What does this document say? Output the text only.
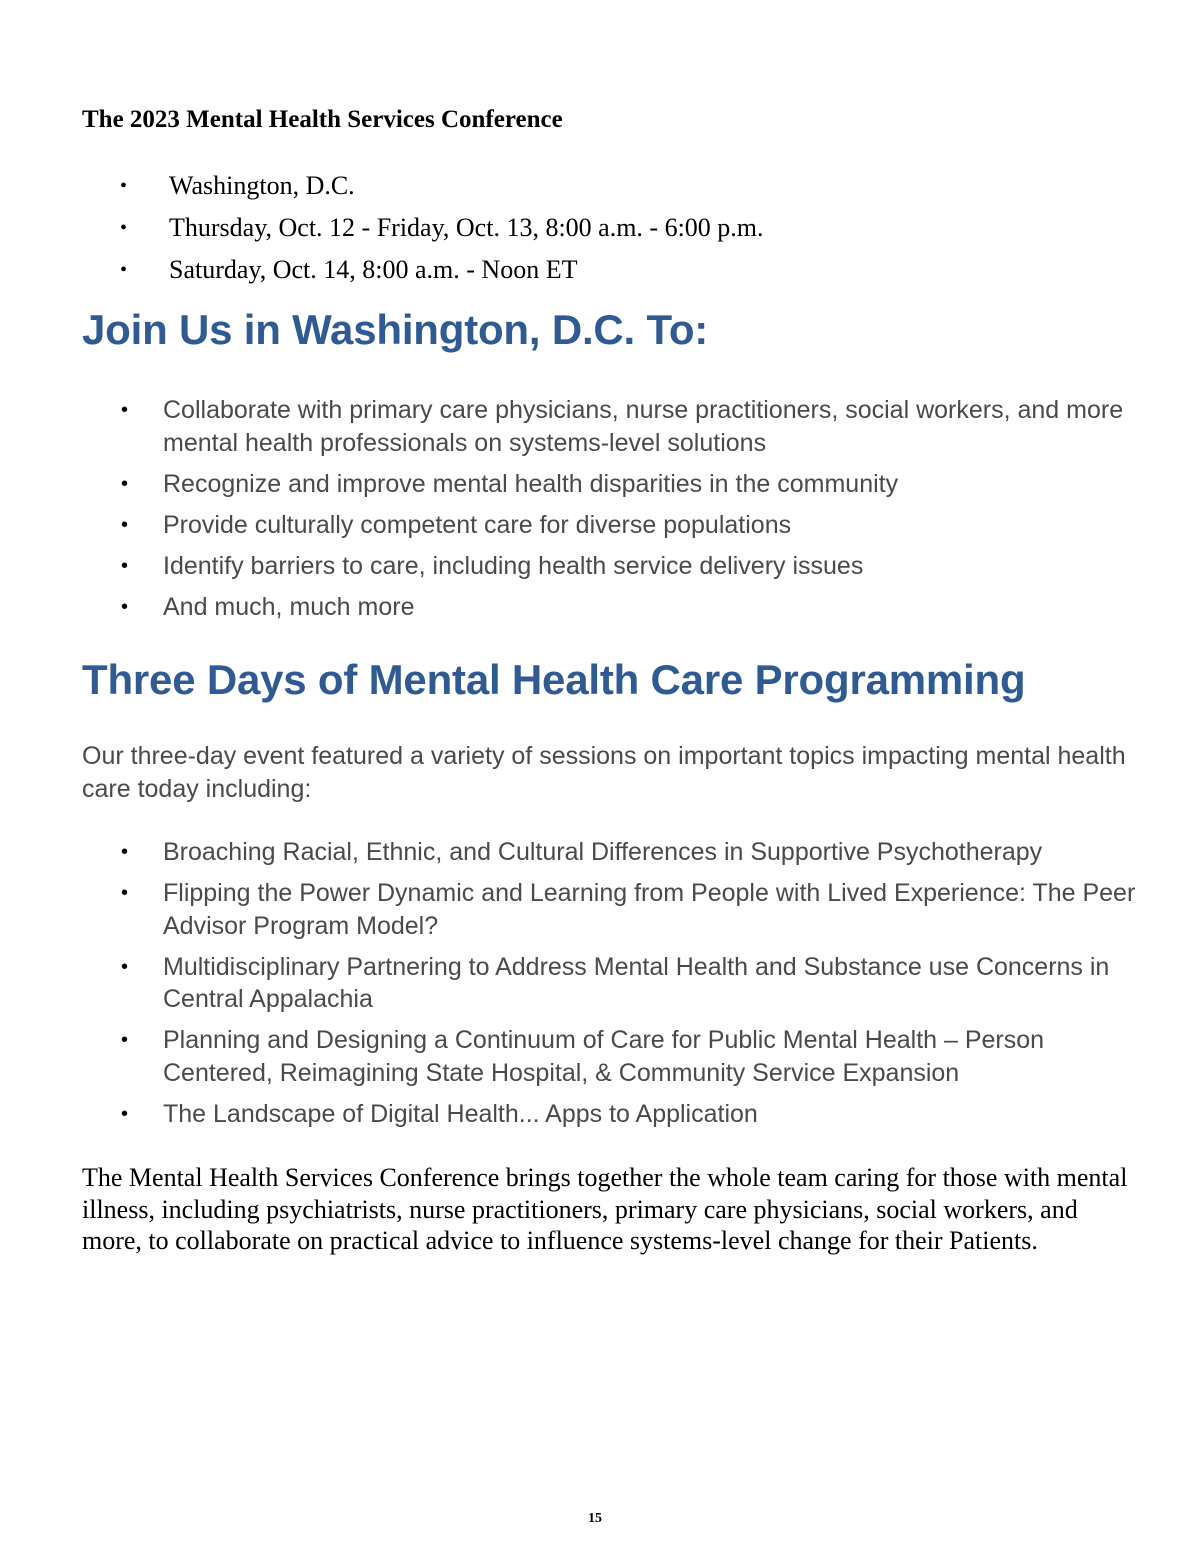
The 2023 Mental Health Services Conference
• Washington, D.C.
• Thursday, Oct. 12 - Friday, Oct. 13, 8:00 a.m. - 6:00 p.m.
• Saturday, Oct. 14, 8:00 a.m. - Noon ET
Join Us in Washington, D.C. To:
• Collaborate with primary care physicians, nurse practitioners, social workers, and more mental health professionals on systems-level solutions
• Recognize and improve mental health disparities in the community
• Provide culturally competent care for diverse populations
• Identify barriers to care, including health service delivery issues
• And much, much more
Three Days of Mental Health Care Programming

Our three-day event featured a variety of sessions on important topics impacting mental health care today including:

• Broaching Racial, Ethnic, and Cultural Differences in Supportive Psychotherapy
• Flipping the Power Dynamic and Learning from People with Lived Experience: The Peer Advisor Program Model?
• Multidisciplinary Partnering to Address Mental Health and Substance use Concerns in Central Appalachia
• Planning and Designing a Continuum of Care for Public Mental Health – Person Centered, Reimagining State Hospital, & Community Service Expansion
• The Landscape of Digital Health... Apps to Application

The Mental Health Services Conference brings together the whole team caring for those with mental illness, including psychiatrists, nurse practitioners, primary care physicians, social workers, and more, to collaborate on practical advice to influence systems-level change for their Patients.

15
